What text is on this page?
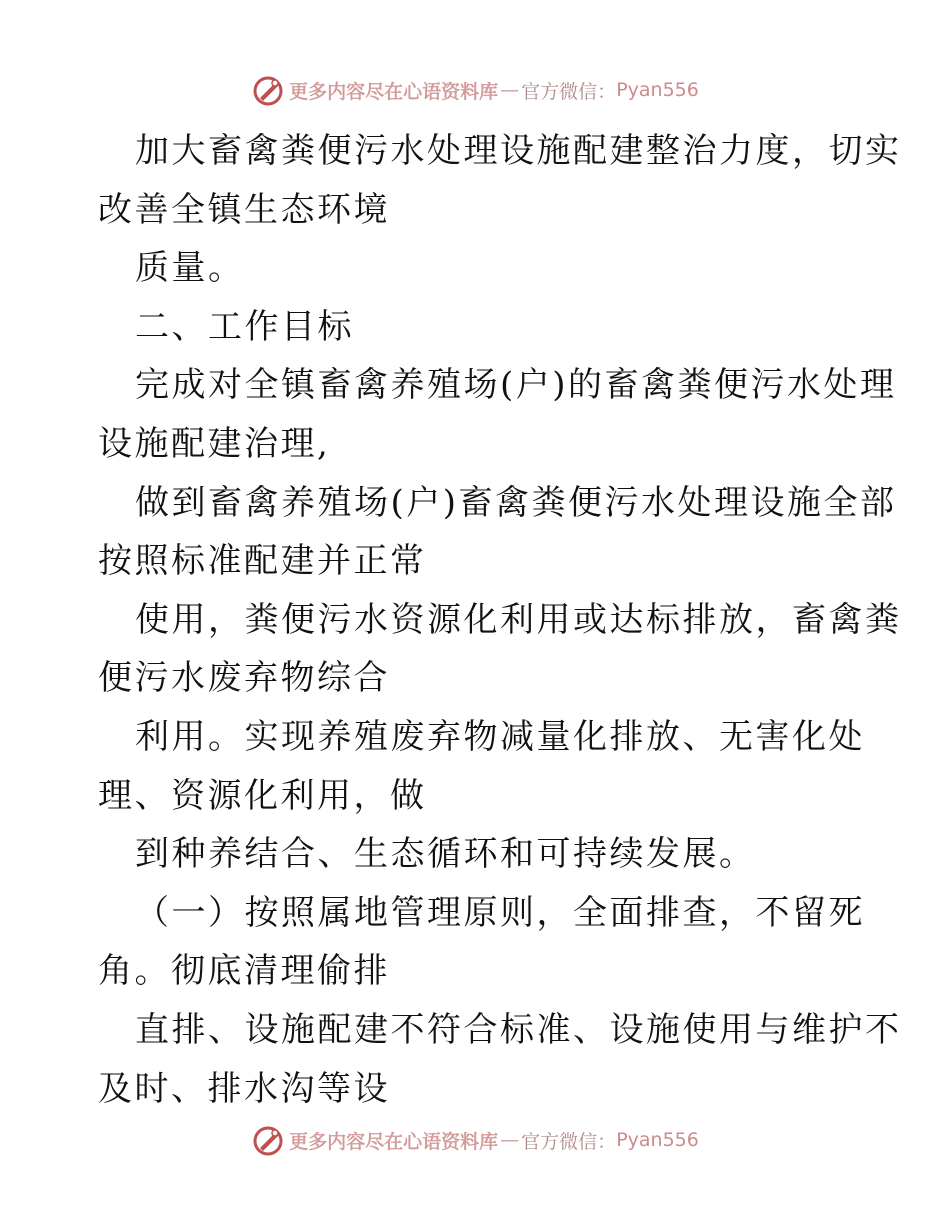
更多内容尽在心语资料库 — 官方微信： Pyan556
加大畜禽粪便污水处理设施配建整治力度，切实
改善全镇生态环境
质量。
二、工作目标
完成对全镇畜禽养殖场(户)的畜禽粪便污水处理
设施配建治理,
做到畜禽养殖场(户)畜禽粪便污水处理设施全部
按照标准配建并正常
使用，粪便污水资源化利用或达标排放，畜禽粪
便污水废弃物综合
利用。实现养殖废弃物减量化排放、无害化处
理、资源化利用，做
到种养结合、生态循环和可持续发展。
（一）按照属地管理原则，全面排查，不留死
角。彻底清理偷排
直排、设施配建不符合标准、设施使用与维护不
及时、排水沟等设
更多内容尽在心语资料库 — 官方微信： Pyan556
